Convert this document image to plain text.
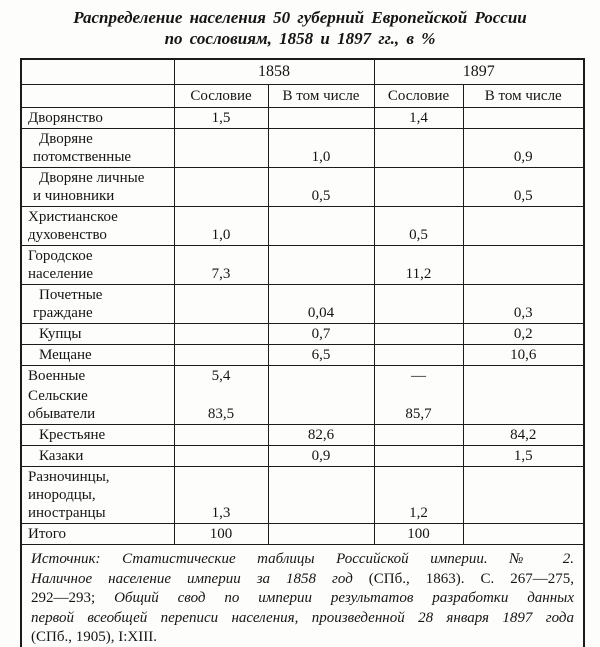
Распределение населения 50 губерний Европейской России
по сословиям, 1858 и 1897 гг., в %
	1858		1897	
	Сословие	В том числе	Сословие	В том числе
Дворянство	1,5		1,4	
Дворяне
потомственные		1,0		0,9
Дворяне личные
и чиновники		0,5		0,5
Христианское
духовенство	1,0		0,5	
Городское
население	7,3		11,2	
Почетные
граждане		0,04		0,3
Купцы		0,7		0,2
Мещане		6,5		10,6
Военные	5,4		—	
Сельские
обыватели	83,5		85,7	
Крестьяне		82,6		84,2
Казаки		0,9		1,5
Разночинцы,
инородцы,
иностранцы	1,3		1,2	
Итого	100		100	

Источник: Статистические таблицы Российской империи. № 2.
Наличное население империи за 1858 год (СПб., 1863). С. 267—275,
292—293; Общий свод по империи результатов разработки данных
первой всеобщей переписи населения, произведенной 28 января 1897 года
(СПб., 1905), I:XIII.				
